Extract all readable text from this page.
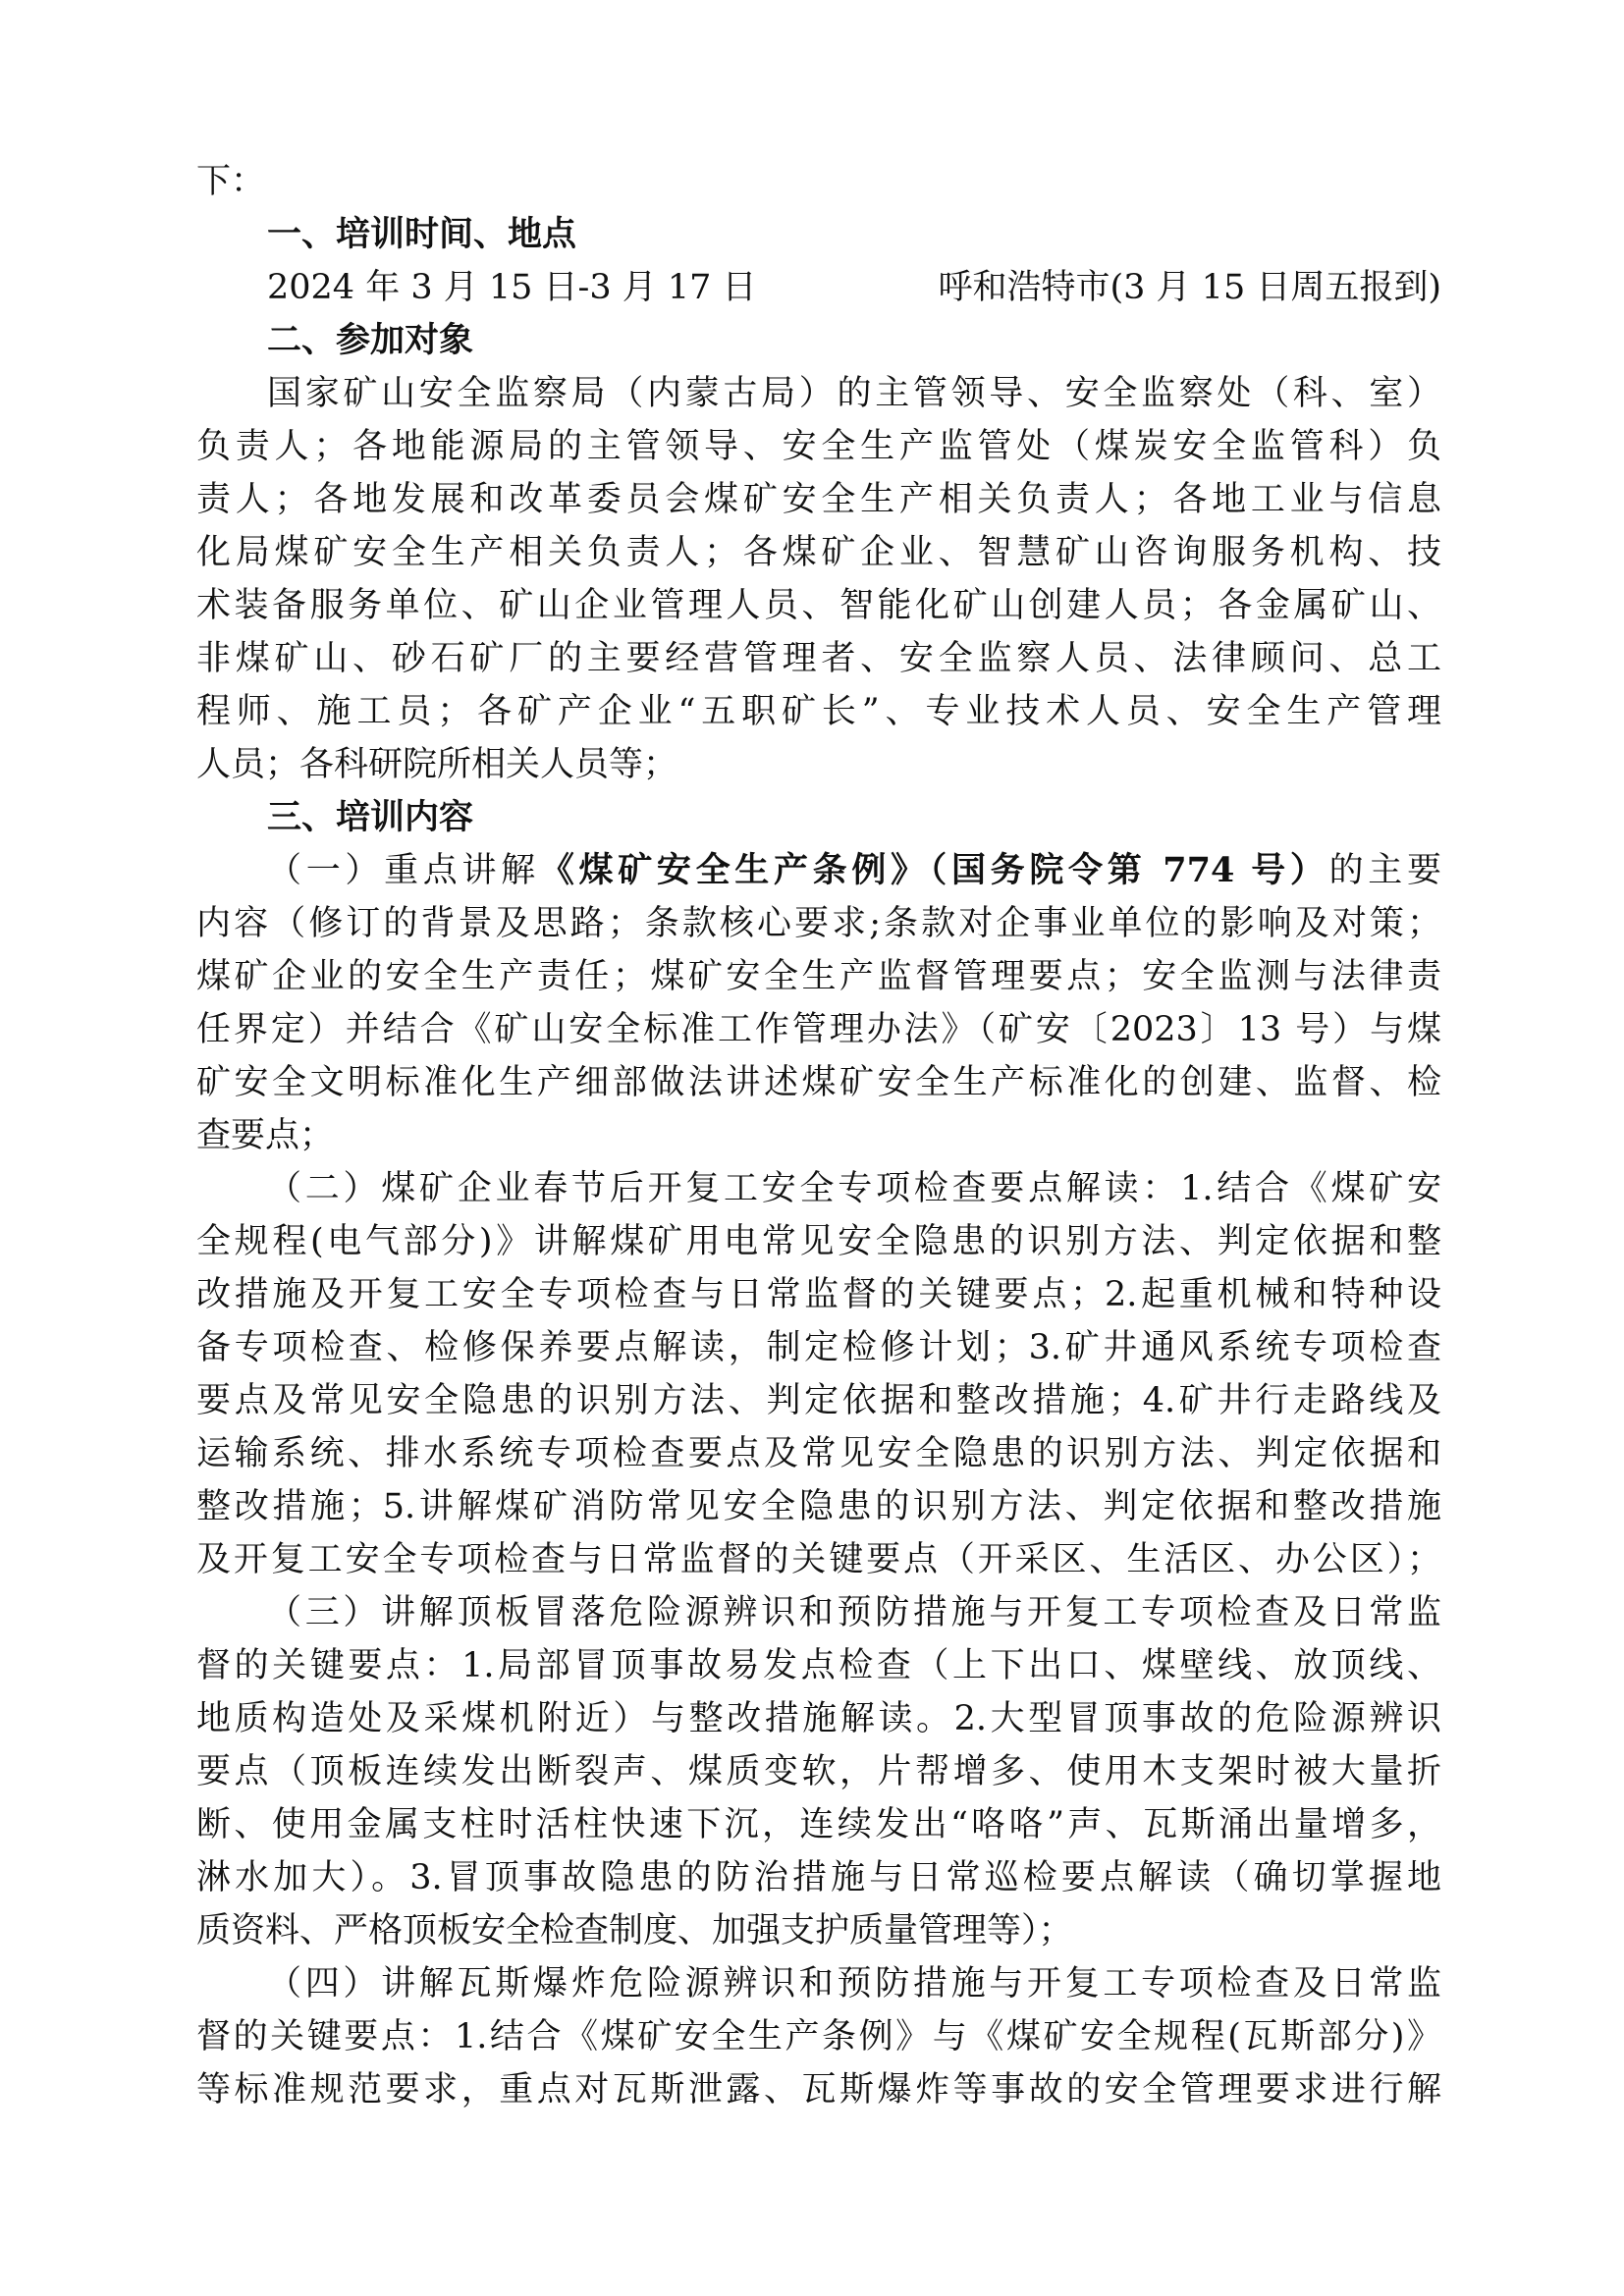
下：
一、培训时间、地点
2024 年 3 月 15 日-3 月 17 日	呼和浩特市(3 月 15 日周五报到)
二、参加对象
国家矿山安全监察局（内蒙古局）的主管领导、安全监察处（科、室）
负责人；各地能源局的主管领导、安全生产监管处（煤炭安全监管科）负
责人；各地发展和改革委员会煤矿安全生产相关负责人；各地工业与信息
化局煤矿安全生产相关负责人；各煤矿企业、智慧矿山咨询服务机构、技
术装备服务单位、矿山企业管理人员、智能化矿山创建人员；各金属矿山、
非煤矿山、砂石矿厂的主要经营管理者、安全监察人员、法律顾问、总工
程师、施工员；各矿产企业“五职矿长”、专业技术人员、安全生产管理
人员；各科研院所相关人员等；
三、培训内容
（一）重点讲解《煤矿安全生产条例》（国务院令第 774 号）的主要
内容（修订的背景及思路；条款核心要求;条款对企事业单位的影响及对策；
煤矿企业的安全生产责任；煤矿安全生产监督管理要点；安全监测与法律责
任界定）并结合《矿山安全标准工作管理办法》（矿安〔2023〕13 号）与煤
矿安全文明标准化生产细部做法讲述煤矿安全生产标准化的创建、监督、检
查要点；
（二）煤矿企业春节后开复工安全专项检查要点解读：1.结合《煤矿安
全规程(电气部分)》讲解煤矿用电常见安全隐患的识别方法、判定依据和整
改措施及开复工安全专项检查与日常监督的关键要点；2.起重机械和特种设
备专项检查、检修保养要点解读，制定检修计划；3.矿井通风系统专项检查
要点及常见安全隐患的识别方法、判定依据和整改措施；4.矿井行走路线及
运输系统、排水系统专项检查要点及常见安全隐患的识别方法、判定依据和
整改措施；5.讲解煤矿消防常见安全隐患的识别方法、判定依据和整改措施
及开复工安全专项检查与日常监督的关键要点（开采区、生活区、办公区）；
（三）讲解顶板冒落危险源辨识和预防措施与开复工专项检查及日常监
督的关键要点：1.局部冒顶事故易发点检查（上下出口、煤壁线、放顶线、
地质构造处及采煤机附近）与整改措施解读。2.大型冒顶事故的危险源辨识
要点（顶板连续发出断裂声、煤质变软，片帮增多、使用木支架时被大量折
断、使用金属支柱时活柱快速下沉，连续发出“咯咯”声、瓦斯涌出量增多，
淋水加大）。3.冒顶事故隐患的防治措施与日常巡检要点解读（确切掌握地
质资料、严格顶板安全检查制度、加强支护质量管理等）；
（四）讲解瓦斯爆炸危险源辨识和预防措施与开复工专项检查及日常监
督的关键要点：1.结合《煤矿安全生产条例》与《煤矿安全规程(瓦斯部分)》
等标准规范要求，重点对瓦斯泄露、瓦斯爆炸等事故的安全管理要求进行解
